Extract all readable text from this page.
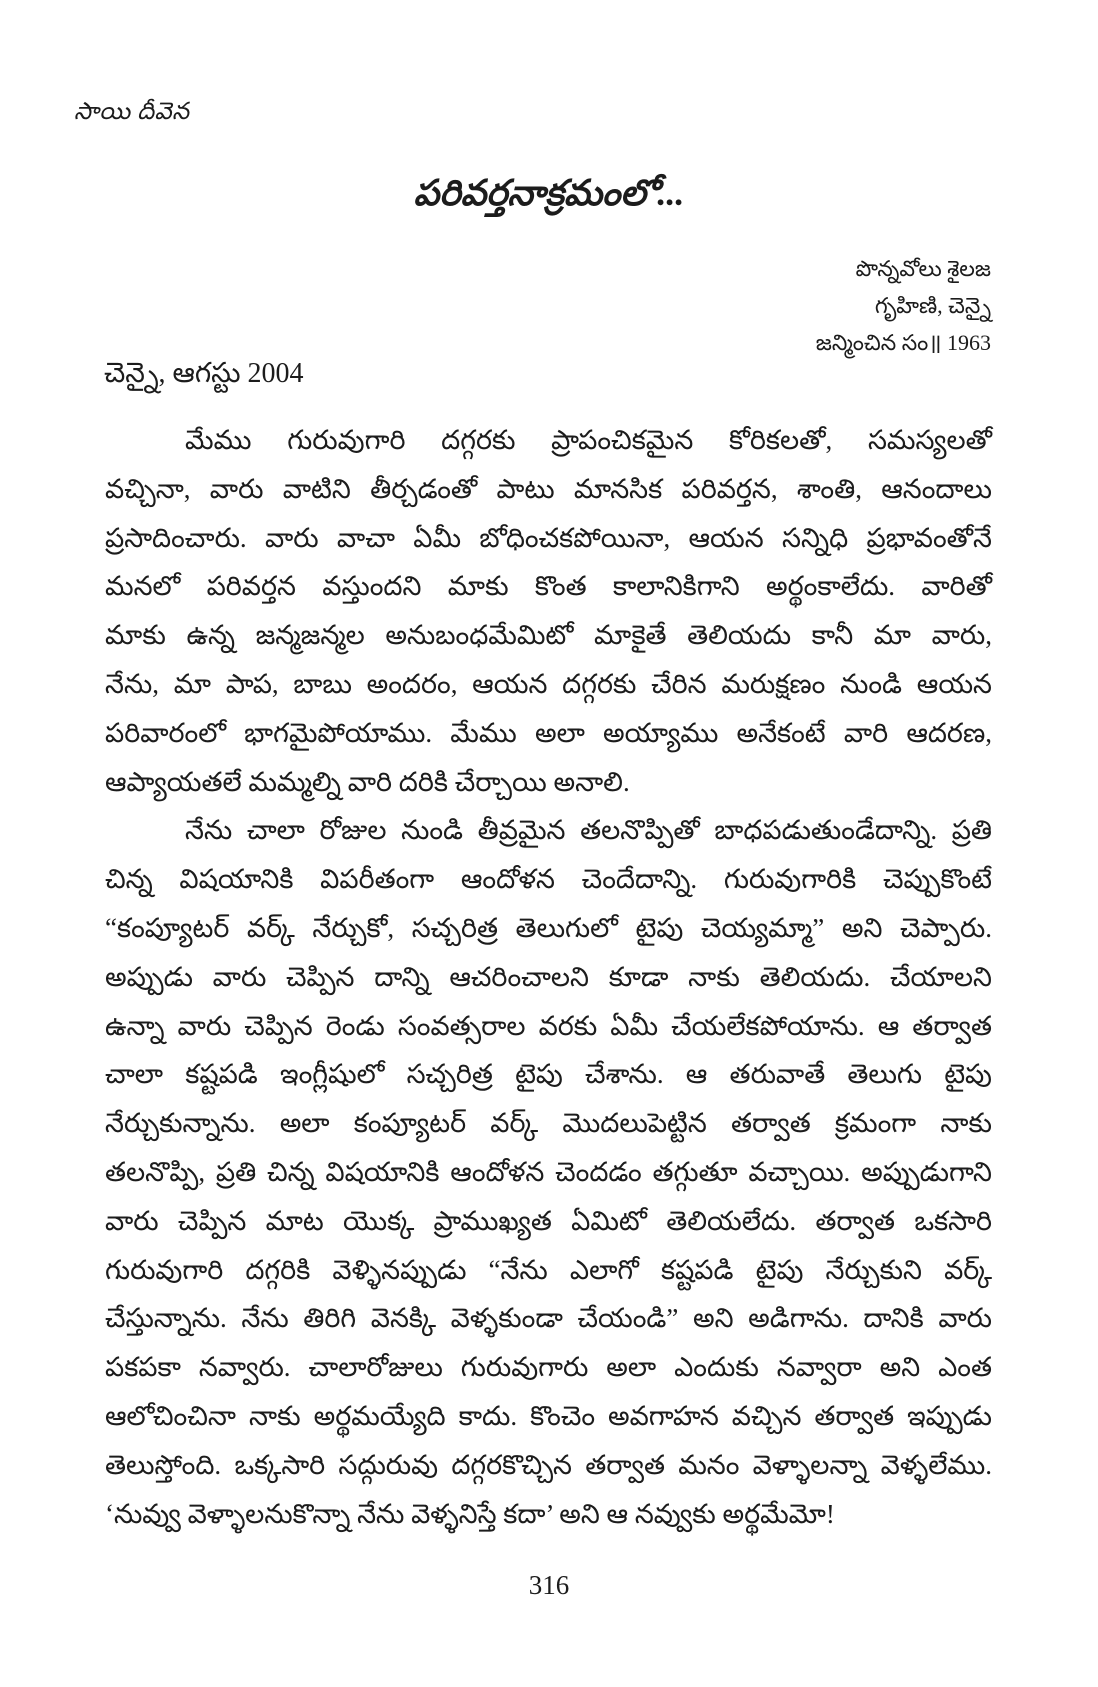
సాయి దీవెన
పరివర్తనాక్రమంలో...
పొన్నవోలు శైలజ
గృహిణి, చెన్నై
జన్మించిన సం॥ 1963
చెన్నై, ఆగస్టు 2004
మేము గురువుగారి దగ్గరకు ప్రాపంచికమైన కోరికలతో, సమస్యలతో
వచ్చినా, వారు వాటిని తీర్చడంతో పాటు మానసిక పరివర్తన, శాంతి, ఆనందాలు
ప్రసాదించారు. వారు వాచా ఏమీ బోధించకపోయినా, ఆయన సన్నిధి ప్రభావంతోనే
మనలో పరివర్తన వస్తుందని మాకు కొంత కాలానికిగాని అర్థంకాలేదు. వారితో
మాకు ఉన్న జన్మజన్మల అనుబంధమేమిటో మాకైతే తెలియదు కానీ మా వారు,
నేను, మా పాప, బాబు అందరం, ఆయన దగ్గరకు చేరిన మరుక్షణం నుండి ఆయన
పరివారంలో భాగమైపోయాము. మేము అలా అయ్యాము అనేకంటే వారి ఆదరణ,
ఆప్యాయతలే మమ్మల్ని వారి దరికి చేర్చాయి అనాలి.
నేను చాలా రోజుల నుండి తీవ్రమైన తలనొప్పితో బాధపడుతుండేదాన్ని. ప్రతి
చిన్న విషయానికి విపరీతంగా ఆందోళన చెందేదాన్ని. గురువుగారికి చెప్పుకొంటే
“కంప్యూటర్ వర్క్ నేర్చుకో, సచ్చరిత్ర తెలుగులో టైపు చెయ్యమ్మా” అని చెప్పారు.
అప్పుడు వారు చెప్పిన దాన్ని ఆచరించాలని కూడా నాకు తెలియదు. చేయాలని
ఉన్నా వారు చెప్పిన రెండు సంవత్సరాల వరకు ఏమీ చేయలేకపోయాను. ఆ తర్వాత
చాలా కష్టపడి ఇంగ్లీషులో సచ్చరిత్ర టైపు చేశాను. ఆ తరువాతే తెలుగు టైపు
నేర్చుకున్నాను. అలా కంప్యూటర్ వర్క్ మొదలుపెట్టిన తర్వాత క్రమంగా నాకు
తలనొప్పి, ప్రతి చిన్న విషయానికి ఆందోళన చెందడం తగ్గుతూ వచ్చాయి. అప్పుడుగాని
వారు చెప్పిన మాట యొక్క ప్రాముఖ్యత ఏమిటో తెలియలేదు. తర్వాత ఒకసారి
గురువుగారి దగ్గరికి వెళ్ళినప్పుడు “నేను ఎలాగో కష్టపడి టైపు నేర్చుకుని వర్క్
చేస్తున్నాను. నేను తిరిగి వెనక్కి వెళ్ళకుండా చేయండి” అని అడిగాను. దానికి వారు
పకపకా నవ్వారు. చాలారోజులు గురువుగారు అలా ఎందుకు నవ్వారా అని ఎంత
ఆలోచించినా నాకు అర్థమయ్యేది కాదు. కొంచెం అవగాహన వచ్చిన తర్వాత ఇప్పుడు
తెలుస్తోంది. ఒక్కసారి సద్గురువు దగ్గరకొచ్చిన తర్వాత మనం వెళ్ళాలన్నా వెళ్ళలేము.
‘నువ్వు వెళ్ళాలనుకొన్నా నేను వెళ్ళనిస్తే కదా’ అని ఆ నవ్వుకు అర్థమేమో!
316
